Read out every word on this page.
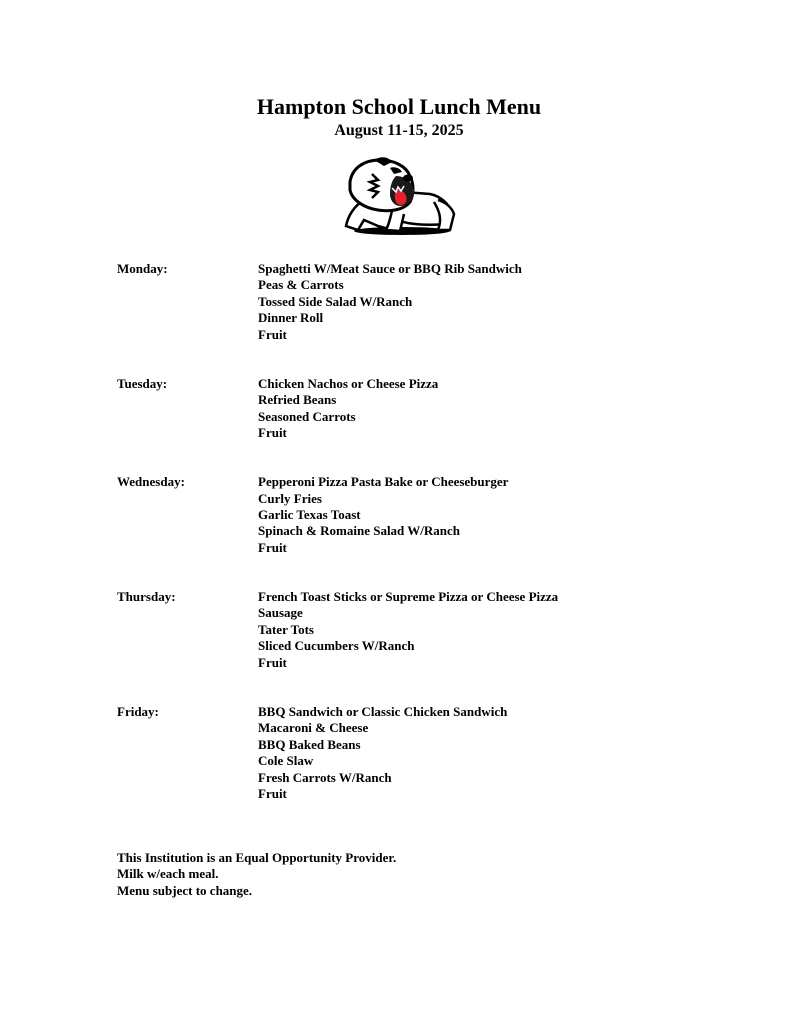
Hampton School Lunch Menu
August 11-15, 2025
Monday:	Spaghetti W/Meat Sauce or BBQ Rib Sandwich
Peas & Carrots
Tossed Side Salad W/Ranch
Dinner Roll
Fruit
Tuesday:	Chicken Nachos or Cheese Pizza
Refried Beans
Seasoned Carrots
Fruit
Wednesday:	Pepperoni Pizza Pasta Bake or Cheeseburger
Curly Fries
Garlic Texas Toast
Spinach & Romaine Salad W/Ranch
Fruit
Thursday:	French Toast Sticks or Supreme Pizza or Cheese Pizza
Sausage
Tater Tots
Sliced Cucumbers W/Ranch
Fruit
Friday:	BBQ Sandwich or Classic Chicken Sandwich
Macaroni & Cheese
BBQ Baked Beans
Cole Slaw
Fresh Carrots W/Ranch
Fruit
This Institution is an Equal Opportunity Provider.
Milk w/each meal.
Menu subject to change.
